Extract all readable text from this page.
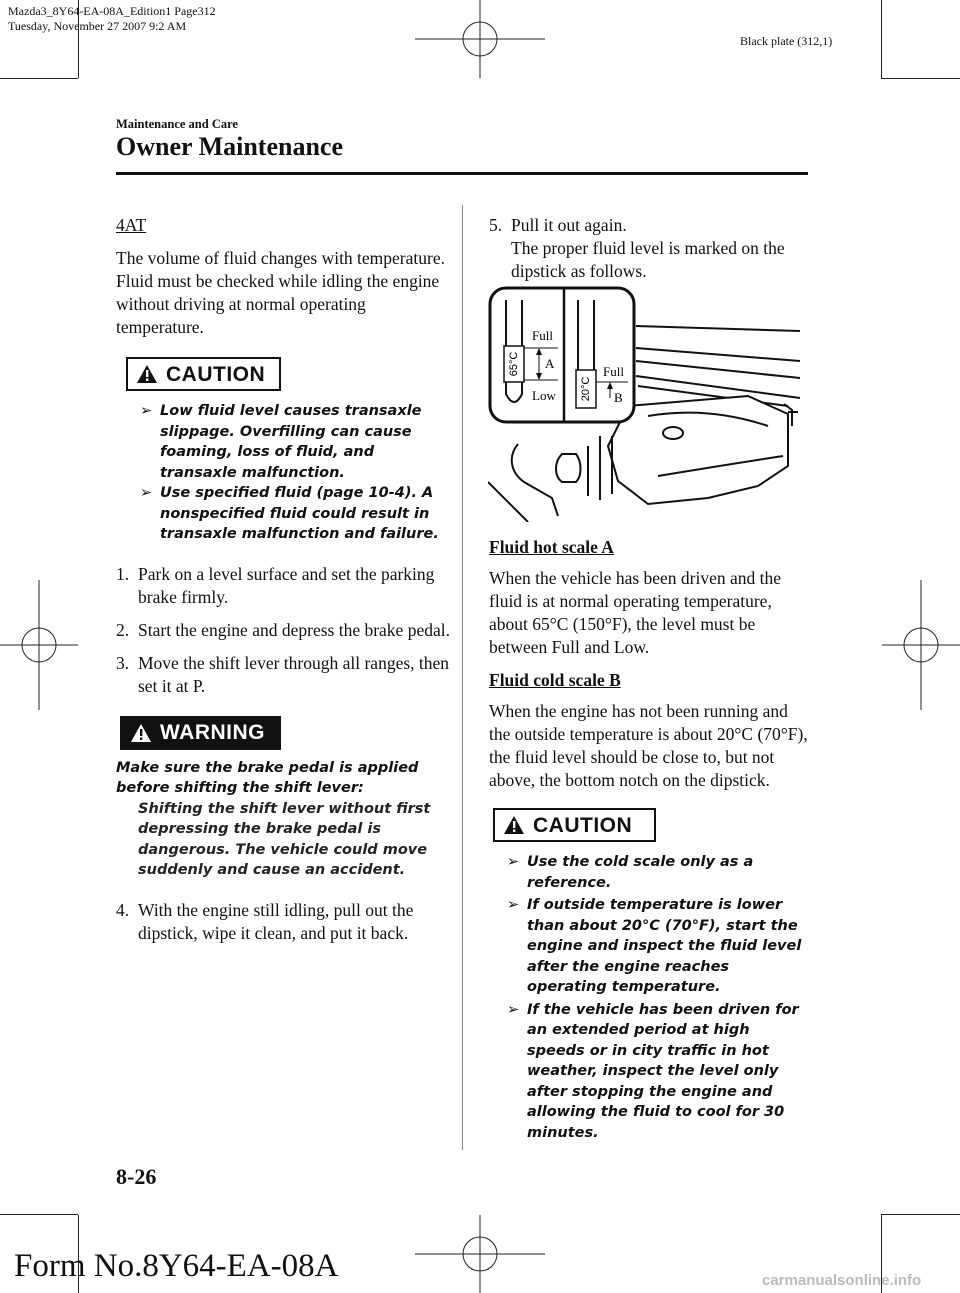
Mazda3_8Y64-EA-08A_Edition1 Page312
Tuesday, November 27 2007 9:2 AM
Black plate (312,1)
Maintenance and Care
Owner Maintenance

4AT

The volume of fluid changes with temperature. Fluid must be checked while idling the engine without driving at normal operating temperature.

CAUTION
➢ Low fluid level causes transaxle slippage. Overfilling can cause foaming, loss of fluid, and transaxle malfunction.
➢ Use specified fluid (page 10-4). A nonspecified fluid could result in transaxle malfunction and failure.
1. Park on a level surface and set the parking brake firmly.
2. Start the engine and depress the brake pedal.
3. Move the shift lever through all ranges, then set it at P.
WARNING
Make sure the brake pedal is applied before shifting the shift lever:
Shifting the shift lever without first depressing the brake pedal is dangerous. The vehicle could move suddenly and cause an accident.
4. With the engine still idling, pull out the dipstick, wipe it clean, and put it back.
5. Pull it out again.

The proper fluid level is marked on the dipstick as follows.

65°C
Full
A
Low 20°C
Full
B

Fluid hot scale A

When the vehicle has been driven and the fluid is at normal operating temperature, about 65°C (150°F), the level must be between Full and Low.

Fluid cold scale B

When the engine has not been running and the outside temperature is about 20°C (70°F), the fluid level should be close to, but not above, the bottom notch on the dipstick.

CAUTION
➢ Use the cold scale only as a reference.
➢ If outside temperature is lower than about 20°C (70°F), start the engine and inspect the fluid level after the engine reaches operating temperature.
➢ If the vehicle has been driven for an extended period at high speeds or in city traffic in hot weather, inspect the level only after stopping the engine and allowing the fluid to cool for 30 minutes.
8-26
Form No.8Y64-EA-08A	carmanualsonline.info
